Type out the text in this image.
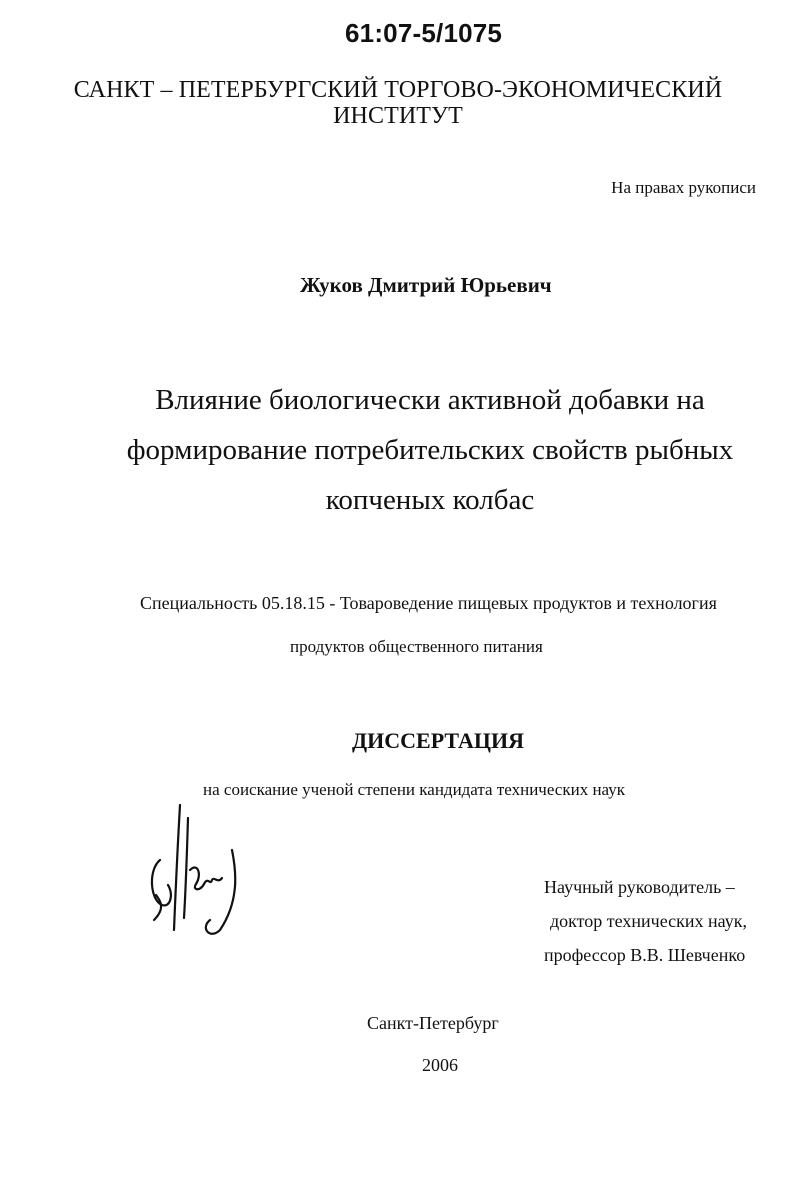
61:07-5/1075
САНКТ – ПЕТЕРБУРГСКИЙ ТОРГОВО-ЭКОНОМИЧЕСКИЙ
ИНСТИТУТ
На правах рукописи
Жуков Дмитрий Юрьевич
Влияние биологически активной добавки на
формирование потребительских свойств рыбных
копченых колбас
Специальность 05.18.15 - Товароведение пищевых продуктов и технология
продуктов общественного питания
ДИССЕРТАЦИЯ
на соискание ученой степени кандидата технических наук
Научный руководитель –
доктор технических наук,
профессор В.В. Шевченко
Санкт-Петербург
2006
